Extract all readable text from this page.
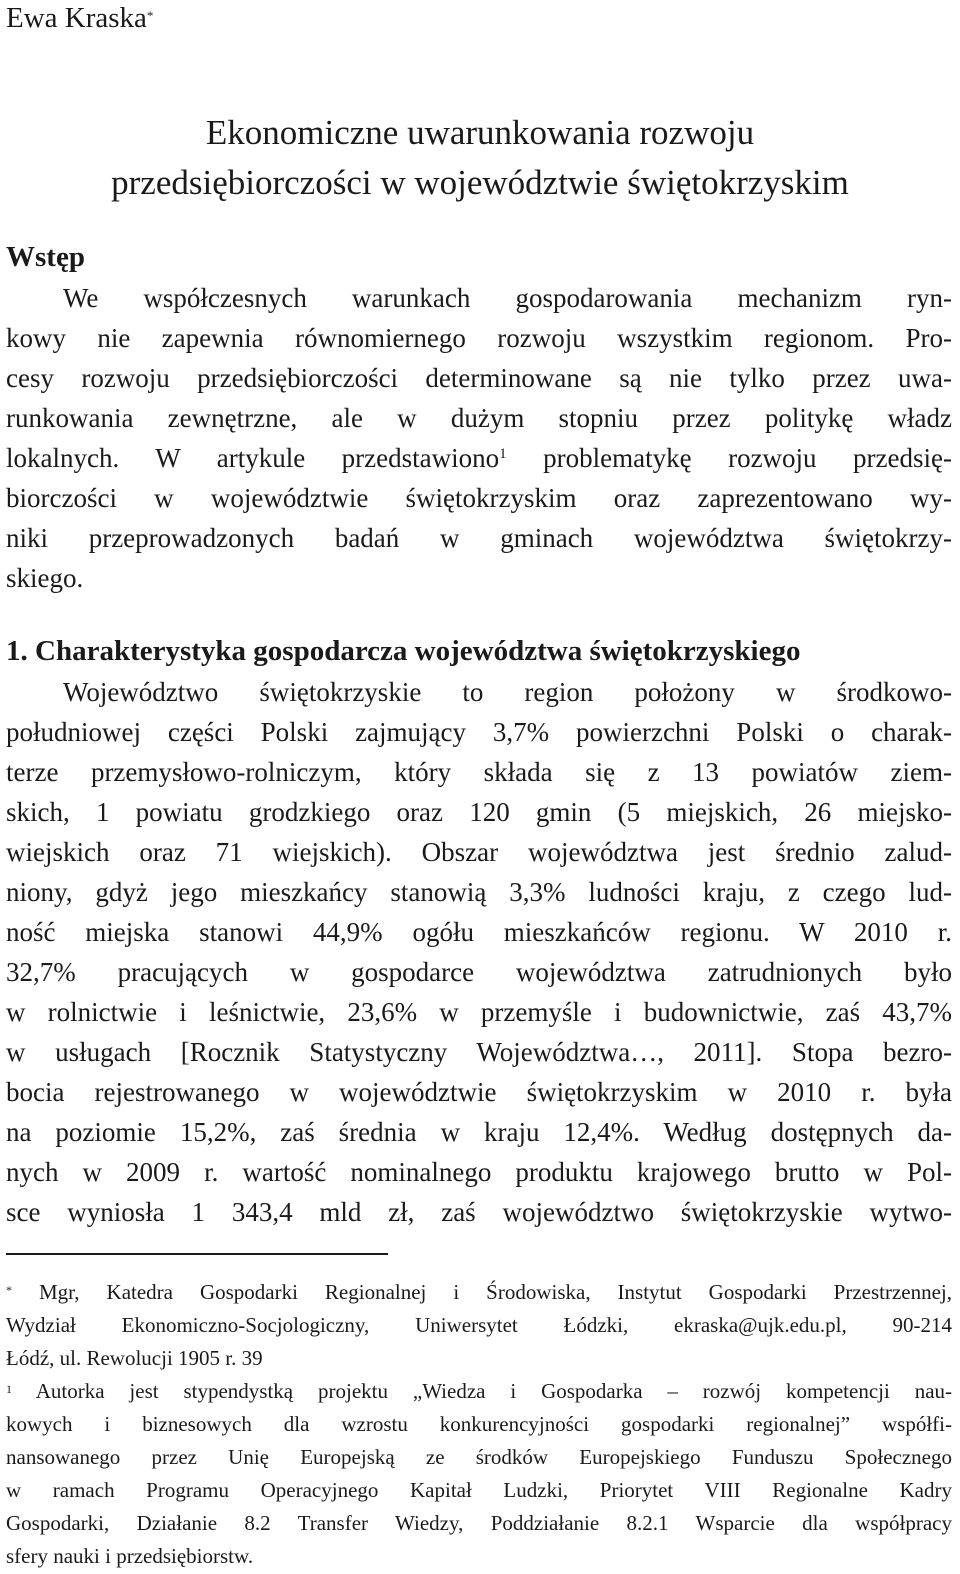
Ewa Kraska*
Ekonomiczne uwarunkowania rozwoju
przedsiębiorczości w województwie świętokrzyskim
Wstęp
We współczesnych warunkach gospodarowania mechanizm ryn-
kowy nie zapewnia równomiernego rozwoju wszystkim regionom. Pro-
cesy rozwoju przedsiębiorczości determinowane są nie tylko przez uwa-
runkowania zewnętrzne, ale w dużym stopniu przez politykę władz
lokalnych. W artykule przedstawiono$^1$ problematykę rozwoju przedsię-
biorczości w województwie świętokrzyskim oraz zaprezentowano wy-
niki przeprowadzonych badań w gminach województwa świętokrzy-
skiego.
1. Charakterystyka gospodarcza województwa świętokrzyskiego
Województwo świętokrzyskie to region położony w środkowo-
południowej części Polski zajmujący 3,7% powierzchni Polski o charak-
terze przemysłowo-rolniczym, który składa się z 13 powiatów ziem-
skich, 1 powiatu grodzkiego oraz 120 gmin (5 miejskich, 26 miejsko-
wiejskich oraz 71 wiejskich). Obszar województwa jest średnio zalud-
niony, gdyż jego mieszkańcy stanowią 3,3% ludności kraju, z czego lud-
ność miejska stanowi 44,9% ogółu mieszkańców regionu. W 2010 r.
32,7% pracujących w gospodarce województwa zatrudnionych było
w rolnictwie i leśnictwie, 23,6% w przemyśle i budownictwie, zaś 43,7%
w usługach [Rocznik Statystyczny Województwa…, 2011]. Stopa bezro-
bocia rejestrowanego w województwie świętokrzyskim w 2010 r. była
na poziomie 15,2%, zaś średnia w kraju 12,4%. Według dostępnych da-
nych w 2009 r. wartość nominalnego produktu krajowego brutto w Pol-
sce wyniosła 1 343,4 mld zł, zaś województwo świętokrzyskie wytwo-
* Mgr, Katedra Gospodarki Regionalnej i Środowiska, Instytut Gospodarki Przestrzennej,
Wydział Ekonomiczno-Socjologiczny, Uniwersytet Łódzki, ekraska@ujk.edu.pl, 90-214
Łódź, ul. Rewolucji 1905 r. 39
$^1$ Autorka jest stypendystką projektu „Wiedza i Gospodarka – rozwój kompetencji nau-
kowych i biznesowych dla wzrostu konkurencyjności gospodarki regionalnej” współfi-
nansowanego przez Unię Europejską ze środków Europejskiego Funduszu Społecznego
w ramach Programu Operacyjnego Kapitał Ludzki, Priorytet VIII Regionalne Kadry
Gospodarki, Działanie 8.2 Transfer Wiedzy, Poddziałanie 8.2.1 Wsparcie dla współpracy
sfery nauki i przedsiębiorstw.
